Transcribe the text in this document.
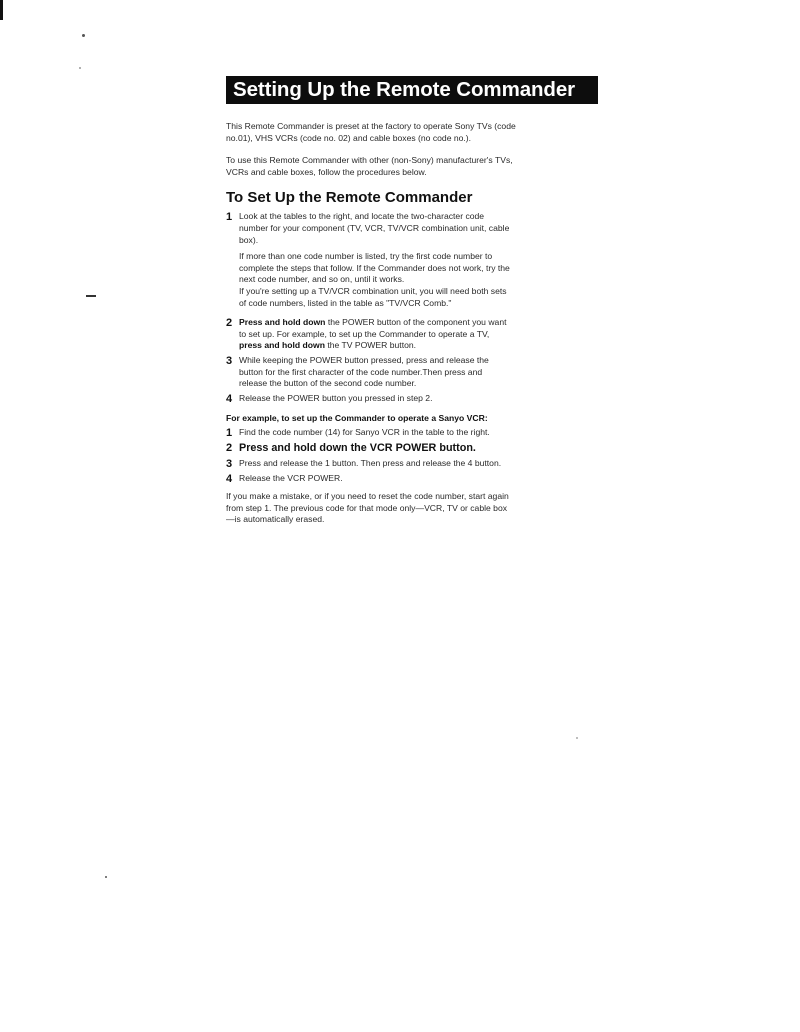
Setting Up the Remote Commander

This Remote Commander is preset at the factory to operate Sony TVs (code no.01), VHS VCRs (code no. 02) and cable boxes (no code no.).

To use this Remote Commander with other (non-Sony) manufacturer's TVs, VCRs and cable boxes, follow the procedures below.

To Set Up the Remote Commander
1 Look at the tables to the right, and locate the two-character code number for your component (TV, VCR, TV/VCR combination unit, cable box).
If more than one code number is listed, try the first code number to complete the steps that follow. If the Commander does not work, try the next code number, and so on, until it works.
If you're setting up a TV/VCR combination unit, you will need both sets of code numbers, listed in the table as "TV/VCR Comb."
2 Press and hold down the POWER button of the component you want to set up. For example, to set up the Commander to operate a TV, press and hold down the TV POWER button.
3 While keeping the POWER button pressed, press and release the button for the first character of the code number.Then press and release the button of the second code number.
4 Release the POWER button you pressed in step 2.

For example, to set up the Commander to operate a Sanyo VCR:

1 Find the code number (14) for Sanyo VCR in the table to the right.
2 Press and hold down the VCR POWER button.
3 Press and release the 1 button. Then press and release the 4 button.
4 Release the VCR POWER.

If you make a mistake, or if you need to reset the code number, start again from step 1. The previous code for that mode only—VCR, TV or cable box—is automatically erased.
